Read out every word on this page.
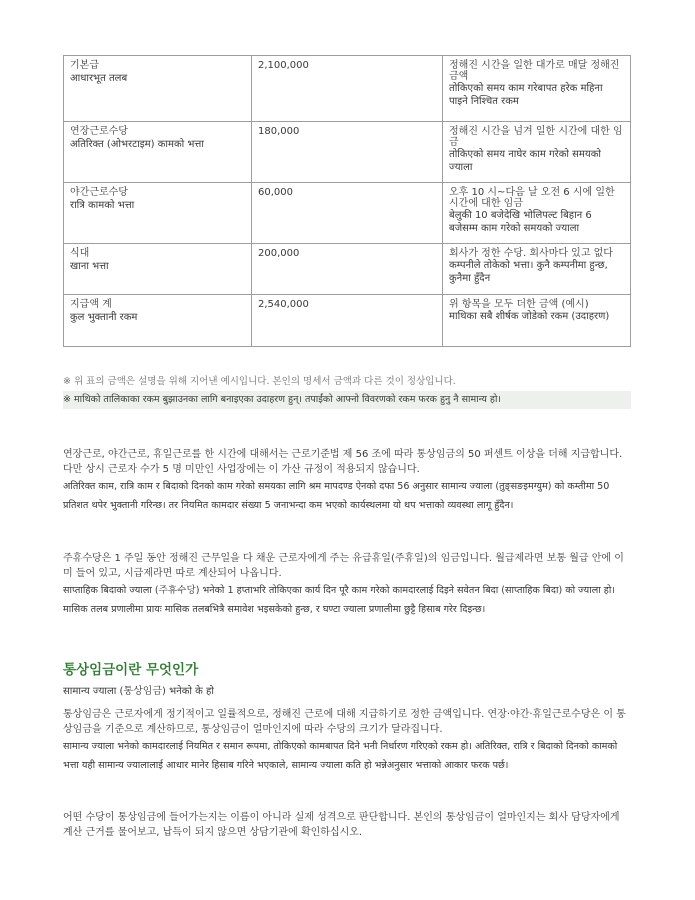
기본급
आधारभूत तलब	2,100,000	정해진 시간을 일한 대가로 매달 정해진 금액
तोकिएको समय काम गरेबापत हरेक महिना पाइने निश्चित रकम

연장근로수당
अतिरिक्त (ओभरटाइम) कामको भत्ता	180,000	정해진 시간을 넘겨 일한 시간에 대한 임금
तोकिएको समय नाघेर काम गरेको समयको ज्याला

야간근로수당
रात्रि कामको भत्ता	60,000	오후 10 시~다음 날 오전 6 시에 일한 시간에 대한 임금
बेलुकी 10 बजेदेखि भोलिपल्ट बिहान 6 बजेसम्म काम गरेको समयको ज्याला

식대
खाना भत्ता	200,000	회사가 정한 수당. 회사마다 있고 없다
कम्पनीले तोकेको भत्ता। कुनै कम्पनीमा हुन्छ, कुनैमा हुँदैन

지급액 계
कुल भुक्तानी रकम	2,540,000	위 항목을 모두 더한 금액 (예시)
माथिका सबै शीर्षक जोडेको रकम (उदाहरण)
※ 위 표의 금액은 설명을 위해 지어낸 예시입니다. 본인의 명세서 금액과 다른 것이 정상입니다.
※ माथिको तालिकाका रकम बुझाउनका लागि बनाइएका उदाहरण हुन्। तपाईंको आफ्नो विवरणको रकम फरक हुनु नै सामान्य हो।
연장근로, 야간근로, 휴일근로를 한 시간에 대해서는 근로기준법 제 56 조에 따라 통상임금의 50 퍼센트 이상을 더해 지급합니다. 다만 상시 근로자 수가 5 명 미만인 사업장에는 이 가산 규정이 적용되지 않습니다.
अतिरिक्त काम, रात्रि काम र बिदाको दिनको काम गरेको समयका लागि श्रम मापदण्ड ऐनको दफा 56 अनुसार सामान्य ज्याला (तुङ्सङइमग्युम) को कम्तीमा 50 प्रतिशत थपेर भुक्तानी गरिन्छ। तर नियमित कामदार संख्या 5 जनाभन्दा कम भएको कार्यस्थलमा यो थप भत्ताको व्यवस्था लागू हुँदैन।
주휴수당은 1 주일 동안 정해진 근무일을 다 채운 근로자에게 주는 유급휴일(주휴일)의 임금입니다. 월급제라면 보통 월급 안에 이미 들어 있고, 시급제라면 따로 계산되어 나옵니다.
साप्ताहिक बिदाको ज्याला (주휴수당) भनेको 1 हप्ताभरि तोकिएका कार्य दिन पूरै काम गरेको कामदारलाई दिइने सवेतन बिदा (साप्ताहिक बिदा) को ज्याला हो। मासिक तलब प्रणालीमा प्रायः मासिक तलबभित्रै समावेश भइसकेको हुन्छ, र घण्टा ज्याला प्रणालीमा छुट्टै हिसाब गरेर दिइन्छ।
통상임금이란 무엇인가
सामान्य ज्याला (통상임금) भनेको के हो
통상임금은 근로자에게 정기적이고 일률적으로, 정해진 근로에 대해 지급하기로 정한 금액입니다. 연장·야간·휴일근로수당은 이 통상임금을 기준으로 계산하므로, 통상임금이 얼마인지에 따라 수당의 크기가 달라집니다.
सामान्य ज्याला भनेको कामदारलाई नियमित र समान रूपमा, तोकिएको कामबापत दिने भनी निर्धारण गरिएको रकम हो। अतिरिक्त, रात्रि र बिदाको दिनको कामको भत्ता यही सामान्य ज्यालालाई आधार मानेर हिसाब गरिने भएकाले, सामान्य ज्याला कति हो भन्नेअनुसार भत्ताको आकार फरक पर्छ।
어떤 수당이 통상임금에 들어가는지는 이름이 아니라 실제 성격으로 판단합니다. 본인의 통상임금이 얼마인지는 회사 담당자에게 계산 근거를 물어보고, 납득이 되지 않으면 상담기관에 확인하십시오.
